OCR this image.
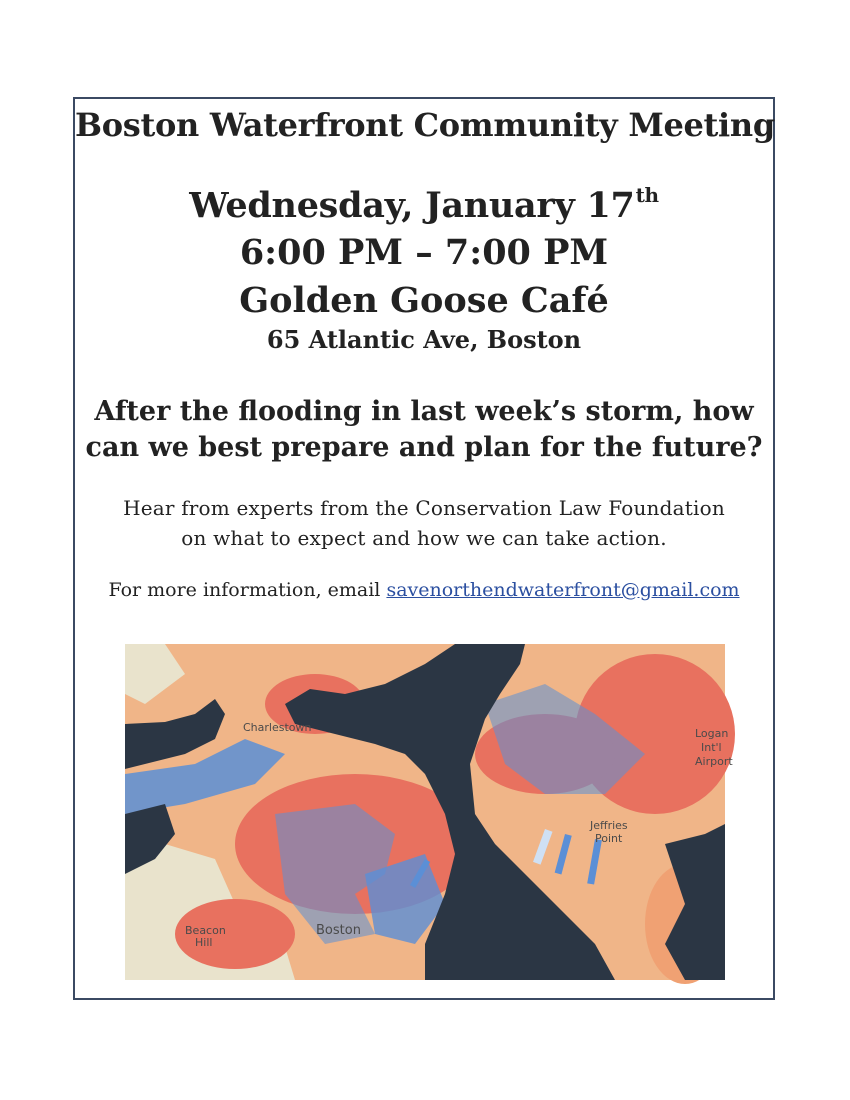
Boston Waterfront Community Meeting
Wednesday, January 17th
6:00 PM – 7:00 PM
Golden Goose Café
65 Atlantic Ave, Boston
After the flooding in last week’s storm, how
can we best prepare and plan for the future?
Hear from experts from the Conservation Law Foundation
on what to expect and how we can take action.
For more information, email savenorthendwaterfront@gmail.com
Charlestown	Logan
Int'l
Airport
Jeffries
Point
Beacon
Hill
Boston
